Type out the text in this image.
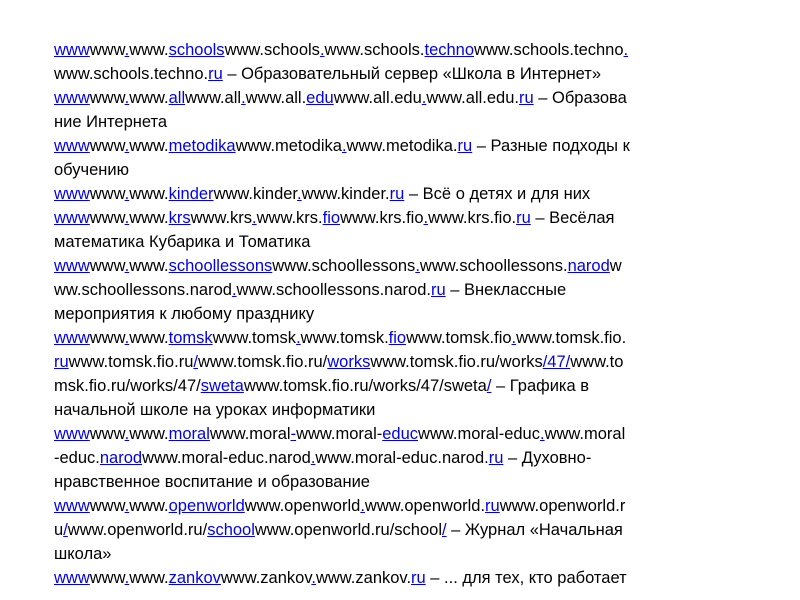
wwwwww.www.schoolswww.schools.www.schools.technowww.schools.techno.
www.schools.techno.ru – Образовательный сервер «Школа в Интернет»
wwwwww.www.allwww.all.www.all.eduwww.all.edu.www.all.edu.ru – Образова
ние Интернета
wwwwww.www.metodikawww.metodika.www.metodika.ru – Разные подходы к
обучению
wwwwww.www.kinderwww.kinder.www.kinder.ru – Всё о детях и для них
wwwwww.www.krswww.krs.www.krs.fiowww.krs.fio.www.krs.fio.ru – Весёлая
математика Кубарика и Томатика
wwwwww.www.schoollessonswww.schoollessons.www.schoollessons.narodw
ww.schoollessons.narod.www.schoollessons.narod.ru – Внеклассные
мероприятия к любому празднику
wwwwww.www.tomskwww.tomsk.www.tomsk.fiowww.tomsk.fio.www.tomsk.fio.
ruwww.tomsk.fio.ru/www.tomsk.fio.ru/workswww.tomsk.fio.ru/works/47/www.to
msk.fio.ru/works/47/swetawww.tomsk.fio.ru/works/47/sweta/ – Графика в
начальной школе на уроках информатики
wwwwww.www.moralwww.moral-www.moral-educwww.moral-educ.www.moral
-educ.narodwww.moral-educ.narod.www.moral-educ.narod.ru – Духовно-
нравственное воспитание и образование
wwwwww.www.openworldwww.openworld.www.openworld.ruwww.openworld.r
u/www.openworld.ru/schoolwww.openworld.ru/school/ – Журнал «Начальная
школа»
wwwwww.www.zankovwww.zankov.www.zankov.ru – ... для тех, кто работает
